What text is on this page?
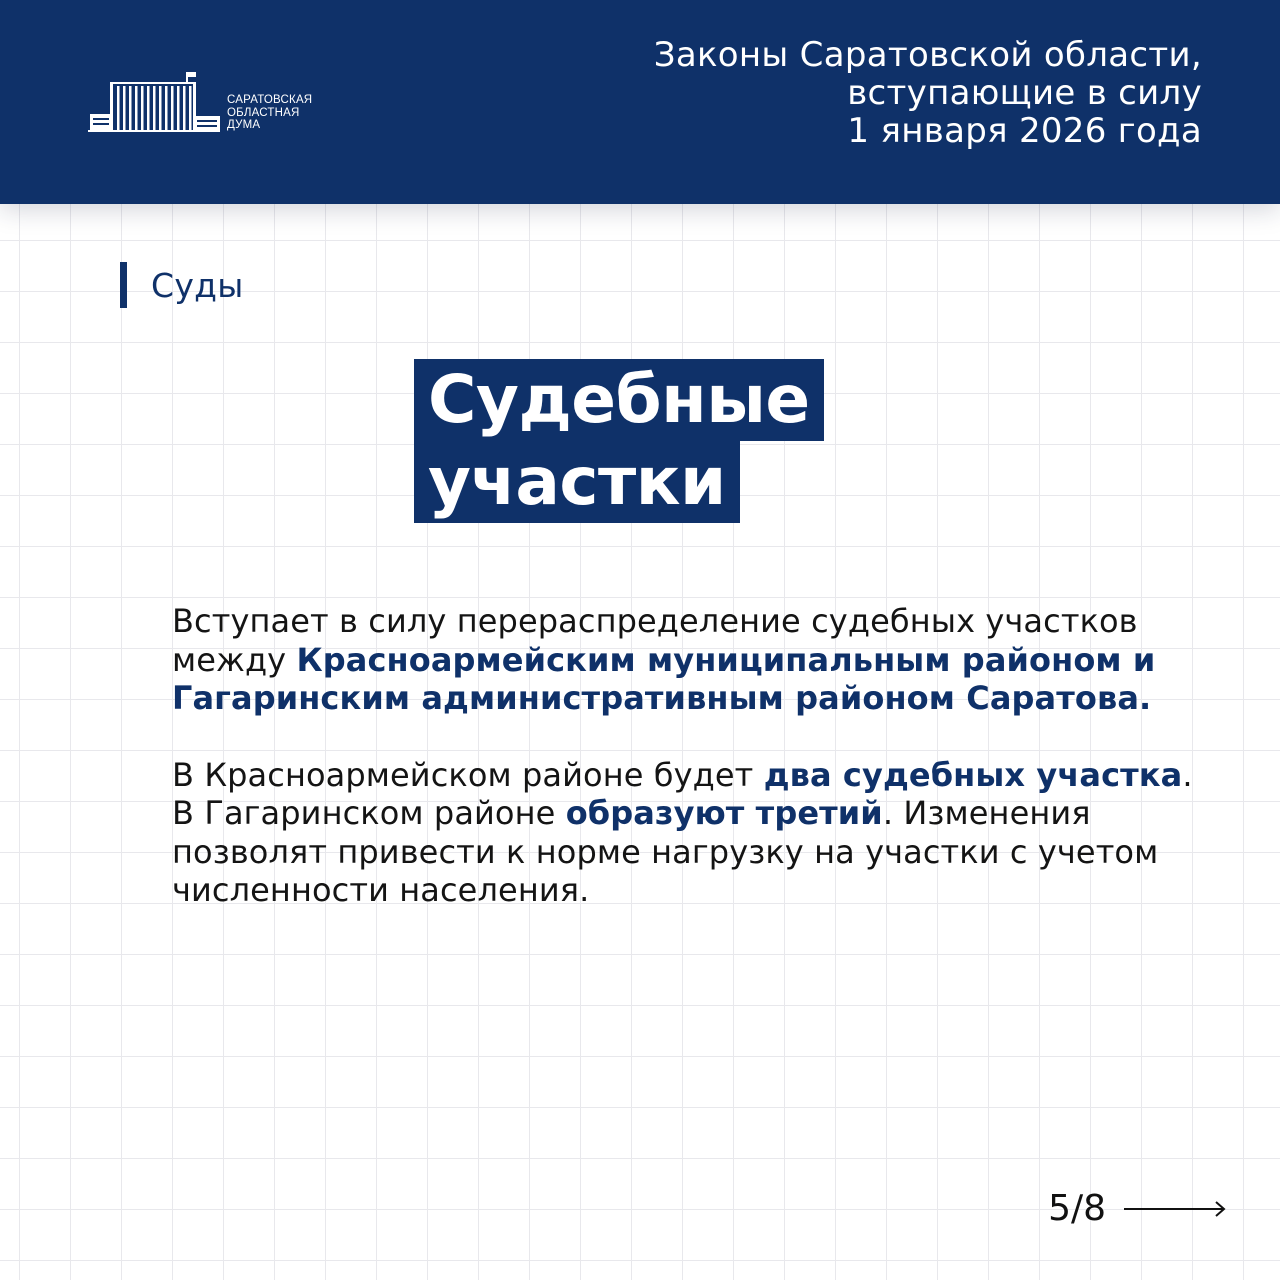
САРАТОВСКАЯ
ОБЛАСТНАЯ
ДУМА
Законы Саратовской области,
вступающие в силу
1 января 2026 года
Суды
Судебные
участки

Вступает в силу перераспределение судебных участков между Красноармейским муниципальным районом и Гагаринским административным районом Саратова.

В Красноармейском районе будет два судебных участка. В Гагаринском районе образуют третий. Изменения позволят привести к норме нагрузку на участки с учетом численности населения.

5/8
